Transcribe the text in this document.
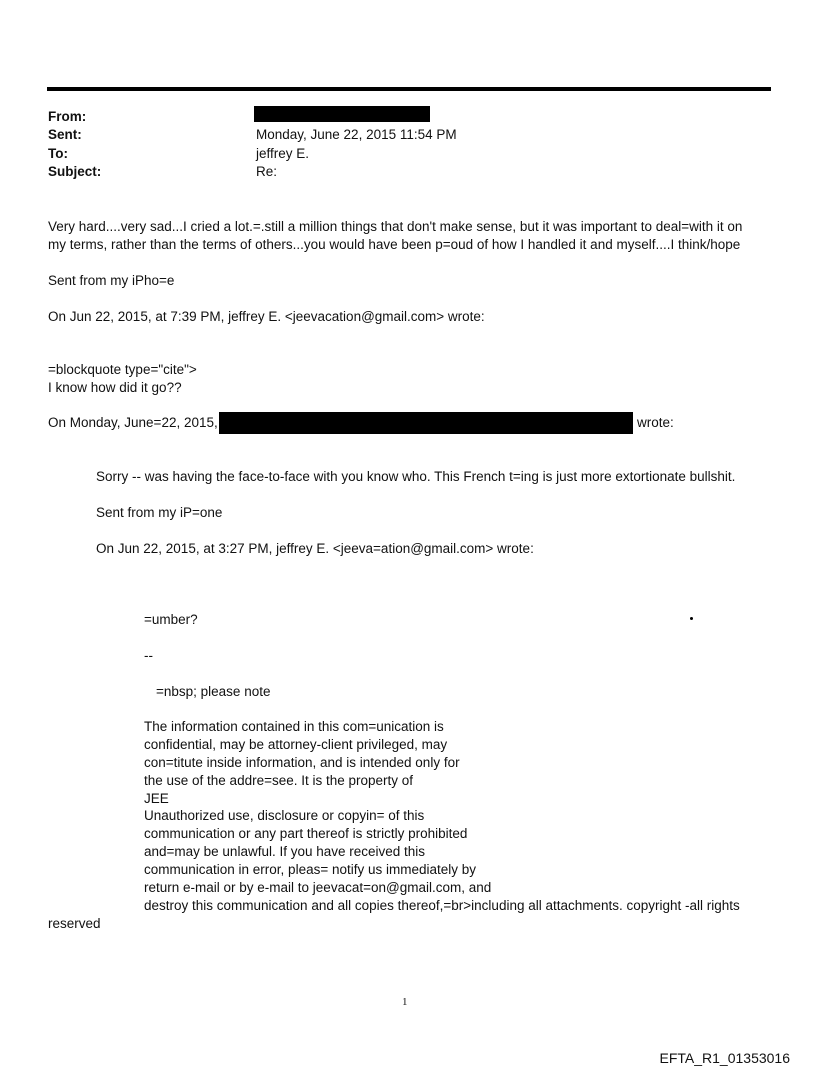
From:
Sent:	Monday, June 22, 2015 11:54 PM
To:	jeffrey E.
Subject:	Re:
Very hard....very sad...I cried a lot.=.still a million things that don't make sense, but it was important to deal=with it on
my terms, rather than the terms of others...you would have been p=oud of how I handled it and myself....I think/hope
Sent from my iPho=e
On Jun 22, 2015, at 7:39 PM, jeffrey E. <jeevacation@gmail.com> wrote:
=blockquote type="cite">
I know how did it go??
On Monday, June=22, 2015,	wrote:
Sorry -- was having the face-to-face with you know who. This French t=ing is just more extortionate bullshit.
Sent from my iP=one
On Jun 22, 2015, at 3:27 PM, jeffrey E. <jeeva=ation@gmail.com> wrote:
=umber?
--
=nbsp; please note
The information contained in this com=unication is
confidential, may be attorney-client privileged, may
con=titute inside information, and is intended only for
the use of the addre=see. It is the property of
JEE
Unauthorized use, disclosure or copyin= of this
communication or any part thereof is strictly prohibited
and=may be unlawful. If you have received this
communication in error, pleas= notify us immediately by
return e-mail or by e-mail to jeevacat=on@gmail.com, and
destroy this communication and all copies thereof,=br>including all attachments. copyright -all rights
reserved
1
EFTA_R1_01353016
